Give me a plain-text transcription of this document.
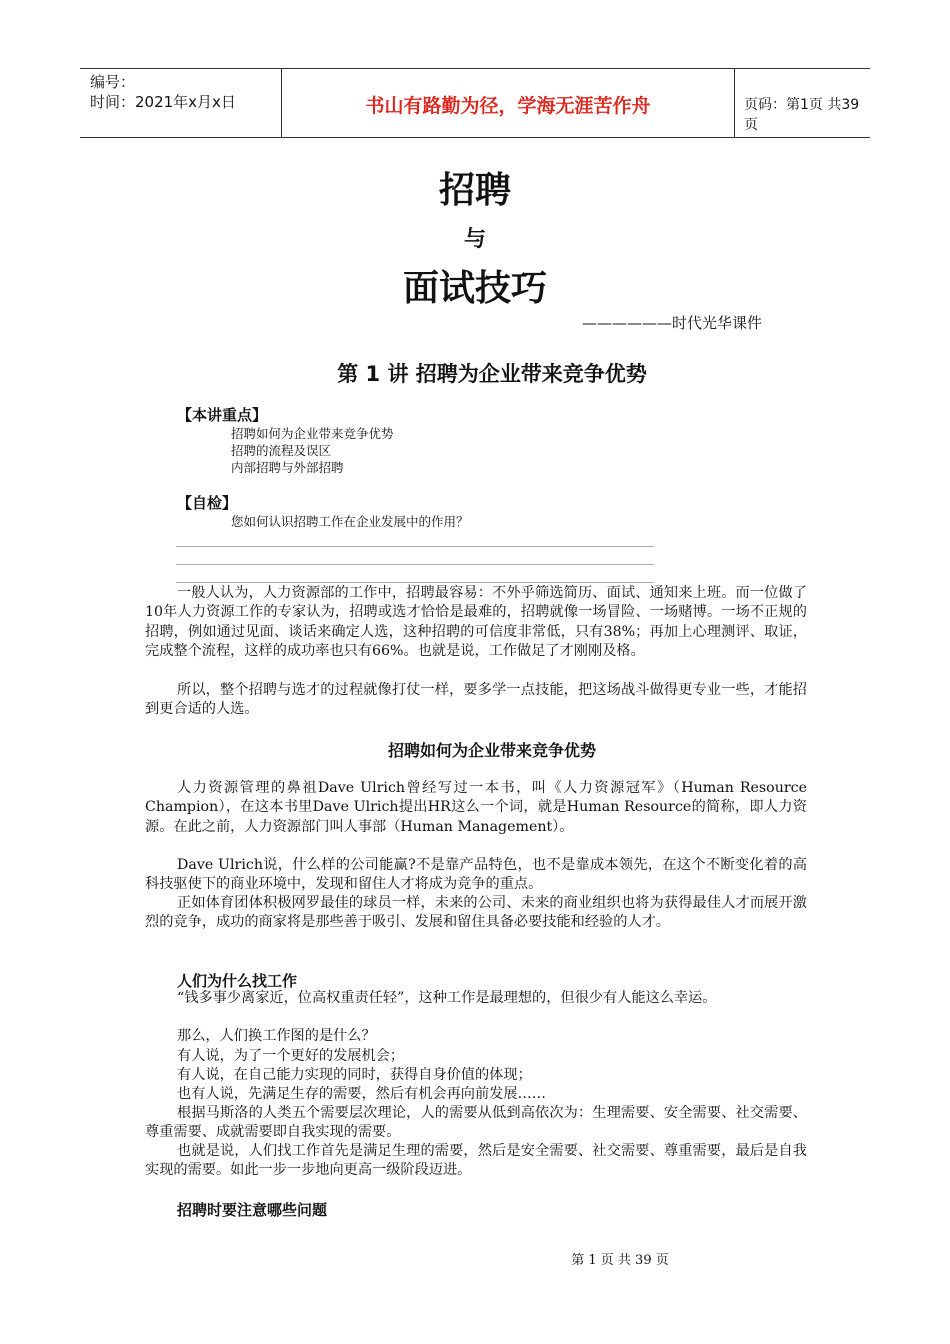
编号：
时间：2021年x月x日	书山有路勤为径，学海无涯苦作舟	页码：第1页 共39页
招聘
与
面试技巧
——————时代光华课件
第 1 讲 招聘为企业带来竞争优势
【本讲重点】
招聘如何为企业带来竞争优势
招聘的流程及误区
内部招聘与外部招聘
【自检】
您如何认识招聘工作在企业发展中的作用？
一般人认为，人力资源部的工作中，招聘最容易：不外乎筛选简历、面试、通知来上班。而一位做了10年人力资源工作的专家认为，招聘或选才恰恰是最难的，招聘就像一场冒险、一场赌博。一场不正规的招聘，例如通过见面、谈话来确定人选，这种招聘的可信度非常低，只有38%；再加上心理测评、取证，完成整个流程，这样的成功率也只有66%。也就是说，工作做足了才刚刚及格。
所以，整个招聘与选才的过程就像打仗一样，要多学一点技能，把这场战斗做得更专业一些，才能招到更合适的人选。
招聘如何为企业带来竞争优势
人力资源管理的鼻祖Dave Ulrich曾经写过一本书，叫《人力资源冠军》（Human Resource Champion），在这本书里Dave Ulrich提出HR这么一个词，就是Human Resource的简称，即人力资源。在此之前，人力资源部门叫人事部（Human Management）。
Dave Ulrich说，什么样的公司能赢?不是靠产品特色，也不是靠成本领先，在这个不断变化着的高科技驱使下的商业环境中，发现和留住人才将成为竞争的重点。
正如体育团体积极网罗最佳的球员一样，未来的公司、未来的商业组织也将为获得最佳人才而展开激烈的竞争，成功的商家将是那些善于吸引、发展和留住具备必要技能和经验的人才。
人们为什么找工作
“钱多事少离家近，位高权重责任轻”，这种工作是最理想的，但很少有人能这么幸运。
那么，人们换工作图的是什么？
有人说，为了一个更好的发展机会；
有人说，在自己能力实现的同时，获得自身价值的体现；
也有人说，先满足生存的需要，然后有机会再向前发展……
根据马斯洛的人类五个需要层次理论，人的需要从低到高依次为：生理需要、安全需要、社交需要、尊重需要、成就需要即自我实现的需要。
也就是说，人们找工作首先是满足生理的需要，然后是安全需要、社交需要、尊重需要，最后是自我实现的需要。如此一步一步地向更高一级阶段迈进。
招聘时要注意哪些问题
第 1 页 共 39 页
